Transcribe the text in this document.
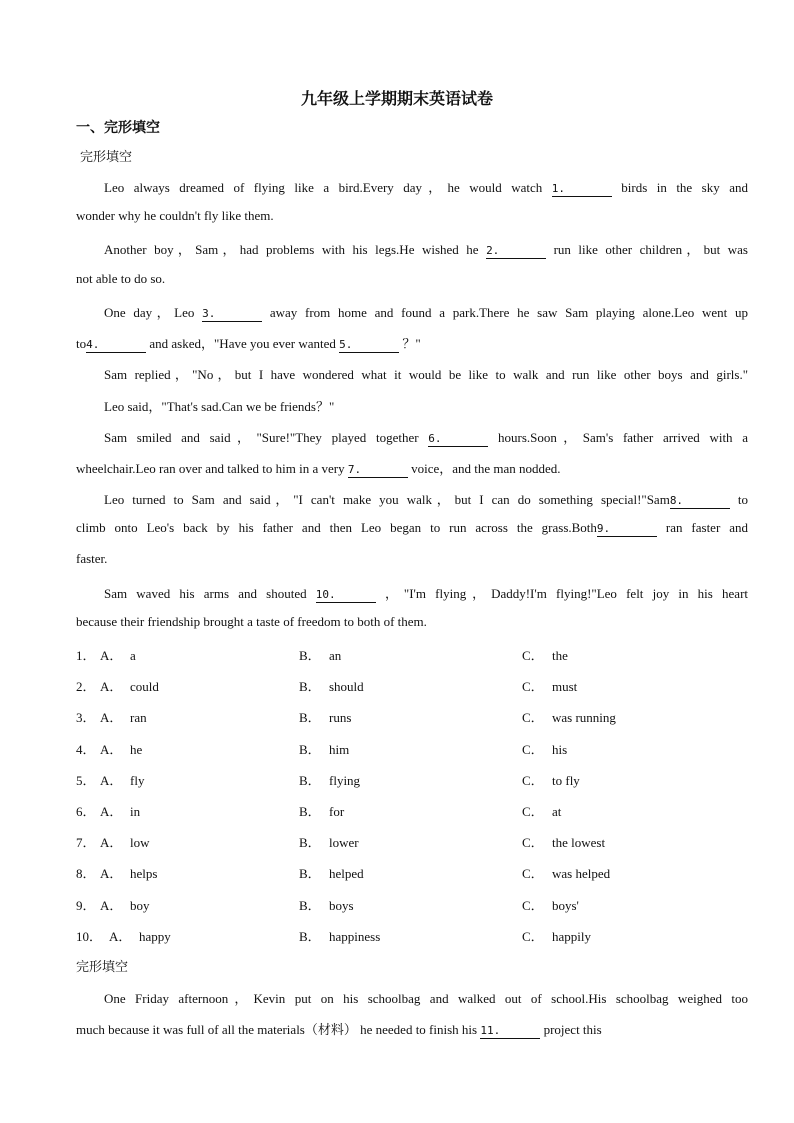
九年级上学期期末英语试卷
一、完形填空
完形填空
Leo always dreamed of flying like a bird.Every day，he would watch 1.	birds in the sky and
wonder why he couldn't fly like them.
Another boy，Sam，had problems with his legs.He wished he 2.	run like other children，but was
not able to do so.
One day，Leo 3.	away from home and found a park.There he saw Sam playing alone.Leo went up
to4.	and asked，"Have you ever wanted 5.	？"
Sam replied，"No，but I have wondered what it would be like to walk and run like other boys and girls."
Leo said，"That's sad.Can we be friends？"
Sam smiled and said，"Sure!"They played together 6.	hours.Soon，Sam's father arrived with a
wheelchair.Leo ran over and talked to him in a very 7.	voice，and the man nodded.
Leo turned to Sam and said，"I can't make you walk，but I can do something special!"Sam8.	to
climb onto Leo's back by his father and then Leo began to run across the grass.Both9.	ran faster and
faster.
Sam waved his arms and shouted 10.	，"I'm flying，Daddy!I'm flying!"Leo felt joy in his heart
because their friendship brought a taste of freedom to both of them.
1． A． a	B． an	C． the
2． A． could	B． should	C． must
3． A． ran	B． runs	C． was running
4． A． he	B． him	C． his
5． A． fly	B． flying	C． to fly
6． A． in	B． for	C． at
7． A． low	B． lower	C． the lowest
8． A． helps	B． helped	C． was helped
9． A． boy	B． boys	C． boys'
10． A． happy	B． happiness	C． happily
完形填空
One Friday afternoon，Kevin put on his schoolbag and walked out of school.His schoolbag weighed too
much because it was full of all the materials（材料） he needed to finish his 11.	project this
